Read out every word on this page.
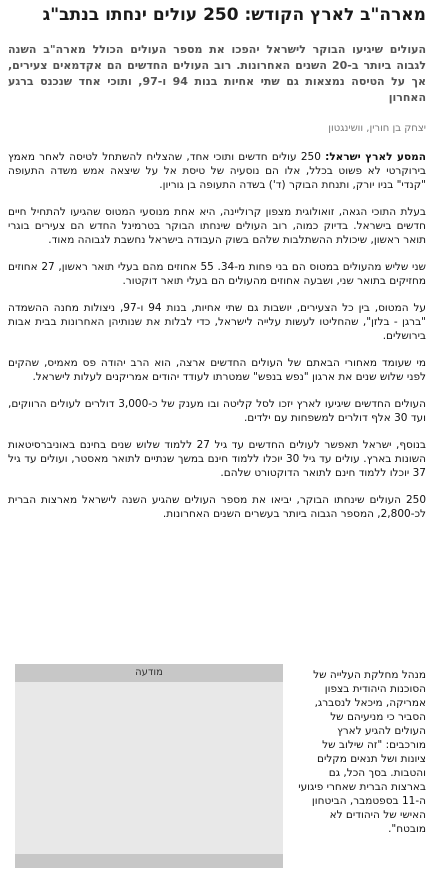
מארה"ב לארץ הקודש: 250 עולים ינחתו בנתב"ג

העולים שיגיעו הבוקר לישראל יהפכו את מספר העולים הכולל מארה"ב השנה לגבוה ביותר ב-20 השנים האחרונות. רוב העולים החדשים הם אקדמאים צעירים, אך על הטיסה נמצאות גם שתי אחיות בנות 94 ו-97, ותוכי אחד שנכנס ברגע האחרון

יצחק בן חורין, וושינגטון

המסע לארץ ישראל: 250 עולים חדשים ותוכי אחד, שהצליח להשתחל לטיסה לאחר מאמץ בירוקרטי לא פשוט בכלל, אלו הם נוסעיה של טיסת אל על שיצאה אמש משדה התעופה "קנדי" בניו יורק, ותנחת הבוקר (ד') בשדה התעופה בן גוריון.

בעלת התוכי הגאה, זואולוגית מצפון קרוליינה, היא אחת מנוסעי המטוס שהגיעו להתחיל חיים חדשים בישראל. בדיוק כמוה, רוב העולים שינחתו הבוקר בטרמינל החדש הם צעירים בוגרי תואר ראשון, שיכולת ההשתלבות שלהם בשוק העבודה בישראל נחשבת לגבוהה מאוד.

שני שליש מהעולים במטוס הם בני פחות מ-34. 55 אחוזים מהם בעלי תואר ראשון, 27 אחוזים מחזיקים בתואר שני, ושבעה אחוזים מהעולים הם בעלי תואר דוקטור.

על המטוס, בין כל הצעירים, יושבות גם שתי אחיות, בנות 94 ו-97, ניצולות מחנה ההשמדה "ברגן - בלזן", שהחליטו לעשות עלייה לישראל, כדי לבלות את שנותיהן האחרונות בבית אבות בירושלים.

מי שעומד מאחורי הבאתם של העולים החדשים ארצה, הוא הרב יהודה פס מאמיס, שהקים לפני שלוש שנים את ארגון "נפש בנפש" שמטרתו לעודד יהודים אמריקנים לעלות לישראל.

העולים החדשים שיגיעו לארץ יזכו לסל קליטה ובו מענק של כ-3,000 דולרים לעולים הרווקים, ועד 30 אלף דולרים למשפחות עם ילדים.

בנוסף, ישראל תאפשר לעולים החדשים עד גיל 27 ללמוד שלוש שנים בחינם באוניברסיטאות השונות בארץ. עולים עד גיל 30 יוכלו ללמוד חינם במשך שנתיים לתואר מאסטר, ועולים עד גיל 37 יוכלו ללמוד חינם לתואר הדוקטורט שלהם.

250 העולים שינחתו הבוקר, יביאו את מספר העולים שהגיע השנה לישראל מארצות הברית לכ-2,800, המספר הגבוה ביותר בעשרים השנים האחרונות.

מודעה	מנהל מחלקת העלייה של הסוכנות היהודית בצפון אמריקה, מיכאל לנסברג, הסביר כי מניעיהם של העולים להגיע לארץ מורכבים: "זה שילוב של ציונות ושל תנאים מקלים והטבות. בסך הכל, גם בארצות הברית שאחרי פיגועי ה-11 בספטמבר, הביטחון האישי של היהודים לא מובטח".
